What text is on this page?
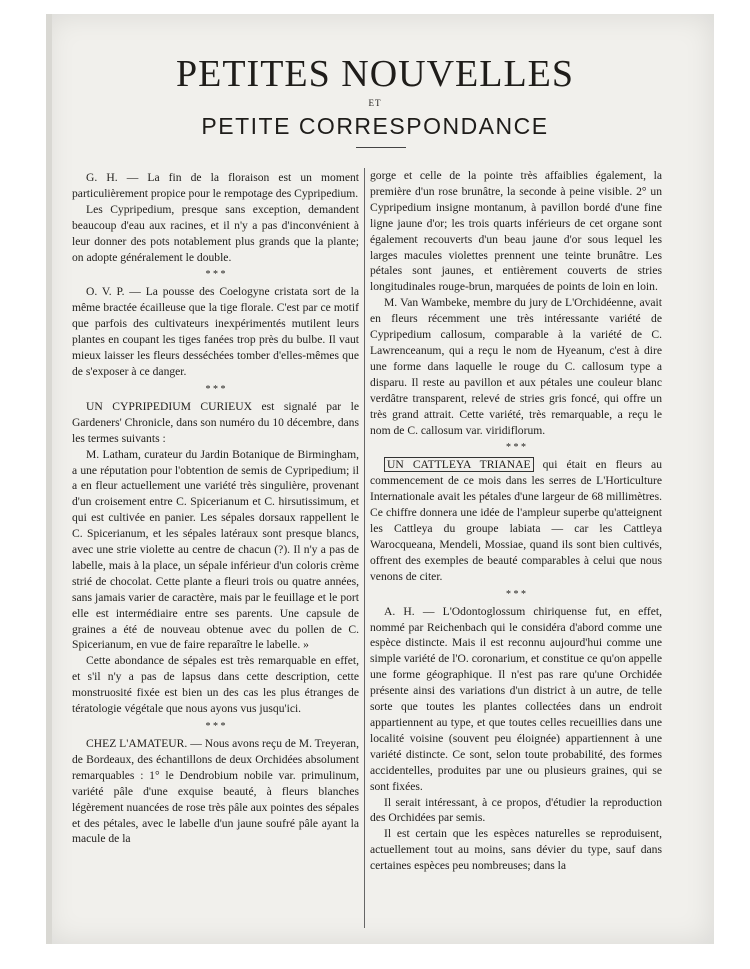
PETITES NOUVELLES
ET
PETITE CORRESPONDANCE

G. H. — La fin de la floraison est un moment particulièrement propice pour le rempotage des Cypripedium.

Les Cypripedium, presque sans exception, demandent beaucoup d'eau aux racines, et il n'y a pas d'inconvénient à leur donner des pots notablement plus grands que la plante; on adopte généralement le double.

* * *

O. V. P. — La pousse des Coelogyne cristata sort de la même bractée écailleuse que la tige florale. C'est par ce motif que parfois des cultivateurs inexpérimentés mutilent leurs plantes en coupant les tiges fanées trop près du bulbe. Il vaut mieux laisser les fleurs desséchées tomber d'elles-mêmes que de s'exposer à ce danger.

* * *

UN CYPRIPEDIUM CURIEUX est signalé par le Gardeners' Chronicle, dans son numéro du 10 décembre, dans les termes suivants :

M. Latham, curateur du Jardin Botanique de Birmingham, a une réputation pour l'obtention de semis de Cypripedium; il a en fleur actuellement une variété très singulière, provenant d'un croisement entre C. Spicerianum et C. hirsutissimum, et qui est cultivée en panier. Les sépales dorsaux rappellent le C. Spicerianum, et les sépales latéraux sont presque blancs, avec une strie violette au centre de chacun (?). Il n'y a pas de labelle, mais à la place, un sépale inférieur d'un coloris crème strié de chocolat. Cette plante a fleuri trois ou quatre années, sans jamais varier de caractère, mais par le feuillage et le port elle est intermédiaire entre ses parents. Une capsule de graines a été de nouveau obtenue avec du pollen de C. Spicerianum, en vue de faire reparaître le labelle. »

Cette abondance de sépales est très remarquable en effet, et s'il n'y a pas de lapsus dans cette description, cette monstruosité fixée est bien un des cas les plus étranges de tératologie végétale que nous ayons vus jusqu'ici.

* * *

CHEZ L'AMATEUR. — Nous avons reçu de M. Treyeran, de Bordeaux, des échantillons de deux Orchidées absolument remarquables : 1° le Dendrobium nobile var. primulinum, variété pâle d'une exquise beauté, à fleurs blanches légèrement nuancées de rose très pâle aux pointes des sépales et des pétales, avec le labelle d'un jaune soufré pâle ayant la macule de la

gorge et celle de la pointe très affaiblies également, la première d'un rose brunâtre, la seconde à peine visible. 2° un Cypripedium insigne montanum, à pavillon bordé d'une fine ligne jaune d'or; les trois quarts inférieurs de cet organe sont également recouverts d'un beau jaune d'or sous lequel les larges macules violettes prennent une teinte brunâtre. Les pétales sont jaunes, et entièrement couverts de stries longitudinales rouge-brun, marquées de points de loin en loin.

M. Van Wambeke, membre du jury de L'Orchidéenne, avait en fleurs récemment une très intéressante variété de Cypripedium callosum, comparable à la variété de C. Lawrenceanum, qui a reçu le nom de Hyeanum, c'est à dire une forme dans laquelle le rouge du C. callosum type a disparu. Il reste au pavillon et aux pétales une couleur blanc verdâtre transparent, relevé de stries gris foncé, qui offre un très grand attrait. Cette variété, très remarquable, a reçu le nom de C. callosum var. viridiflorum.

* * *

UN CATTLEYA TRIANAE qui était en fleurs au commencement de ce mois dans les serres de L'Horticulture Internationale avait les pétales d'une largeur de 68 millimètres. Ce chiffre donnera une idée de l'ampleur superbe qu'atteignent les Cattleya du groupe labiata — car les Cattleya Warocqueana, Mendeli, Mossiae, quand ils sont bien cultivés, offrent des exemples de beauté comparables à celui que nous venons de citer.

* * *

A. H. — L'Odontoglossum chiriquense fut, en effet, nommé par Reichenbach qui le considéra d'abord comme une espèce distincte. Mais il est reconnu aujourd'hui comme une simple variété de l'O. coronarium, et constitue ce qu'on appelle une forme géographique. Il n'est pas rare qu'une Orchidée présente ainsi des variations d'un district à un autre, de telle sorte que toutes les plantes collectées dans un endroit appartiennent au type, et que toutes celles recueillies dans une localité voisine (souvent peu éloignée) appartiennent à une variété distincte. Ce sont, selon toute probabilité, des formes accidentelles, produites par une ou plusieurs graines, qui se sont fixées.

Il serait intéressant, à ce propos, d'étudier la reproduction des Orchidées par semis.

Il est certain que les espèces naturelles se reproduisent, actuellement tout au moins, sans dévier du type, sauf dans certaines espèces peu nombreuses; dans la
